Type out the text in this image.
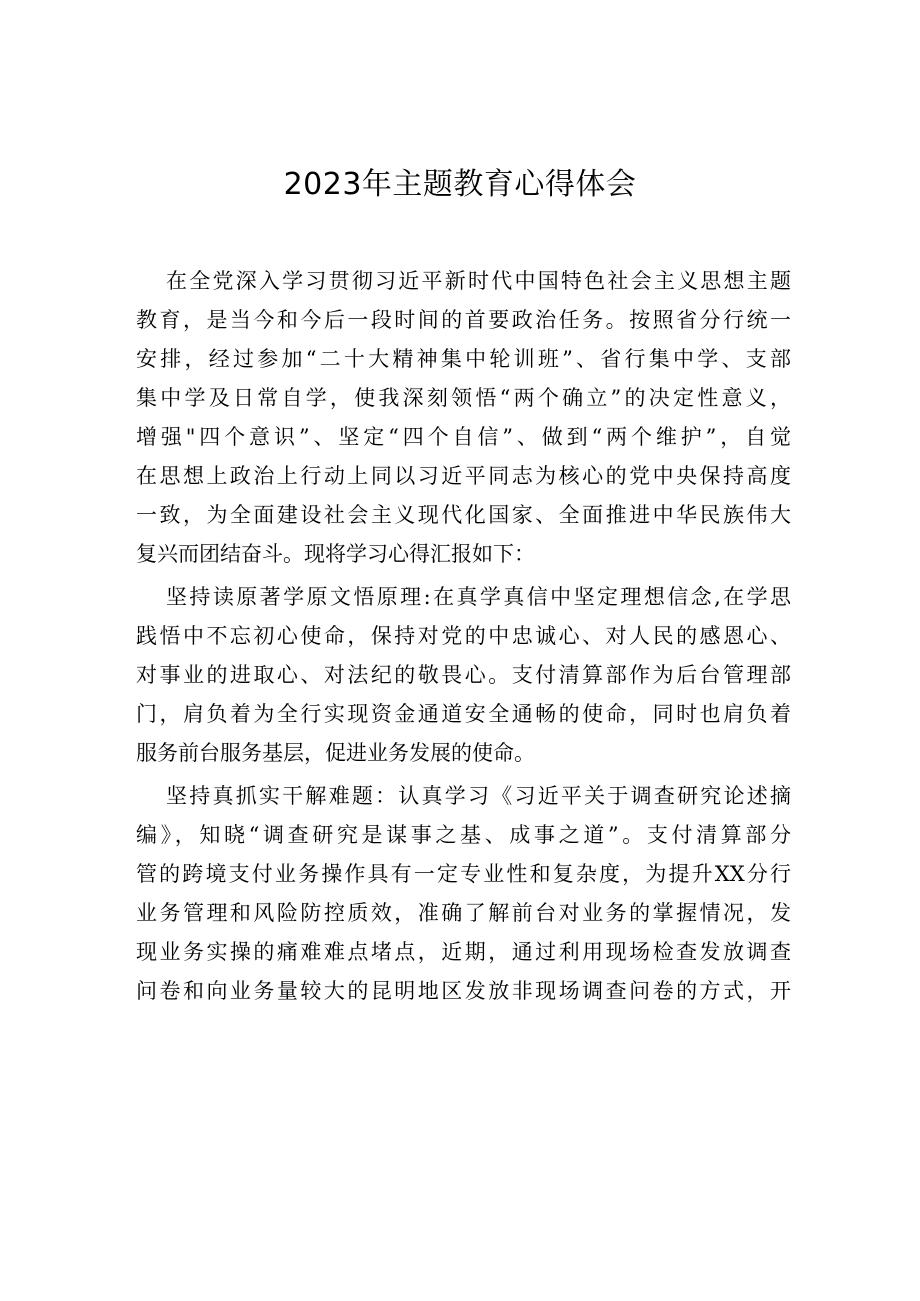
2023年主题教育心得体会
在全党深入学习贯彻习近平新时代中国特色社会主义思想主题
教育，是当今和今后一段时间的首要政治任务。按照省分行统一
安排，经过参加“二十大精神集中轮训班”、省行集中学、支部
集中学及日常自学，使我深刻领悟“两个确立”的决定性意义，
增强"四个意识”、坚定“四个自信”、做到“两个维护”，自觉
在思想上政治上行动上同以习近平同志为核心的党中央保持高度
一致，为全面建设社会主义现代化国家、全面推进中华民族伟大
复兴而团结奋斗。现将学习心得汇报如下：
坚持读原著学原文悟原理:在真学真信中坚定理想信念,在学思
践悟中不忘初心使命，保持对党的中忠诚心、对人民的感恩心、
对事业的进取心、对法纪的敬畏心。支付清算部作为后台管理部
门，肩负着为全行实现资金通道安全通畅的使命，同时也肩负着
服务前台服务基层，促进业务发展的使命。
坚持真抓实干解难题：认真学习《习近平关于调查研究论述摘
编》，知晓“调查研究是谋事之基、成事之道”。支付清算部分
管的跨境支付业务操作具有一定专业性和复杂度，为提升XX分行
业务管理和风险防控质效，准确了解前台对业务的掌握情况，发
现业务实操的痛难难点堵点，近期，通过利用现场检查发放调查
问卷和向业务量较大的昆明地区发放非现场调查问卷的方式，开
